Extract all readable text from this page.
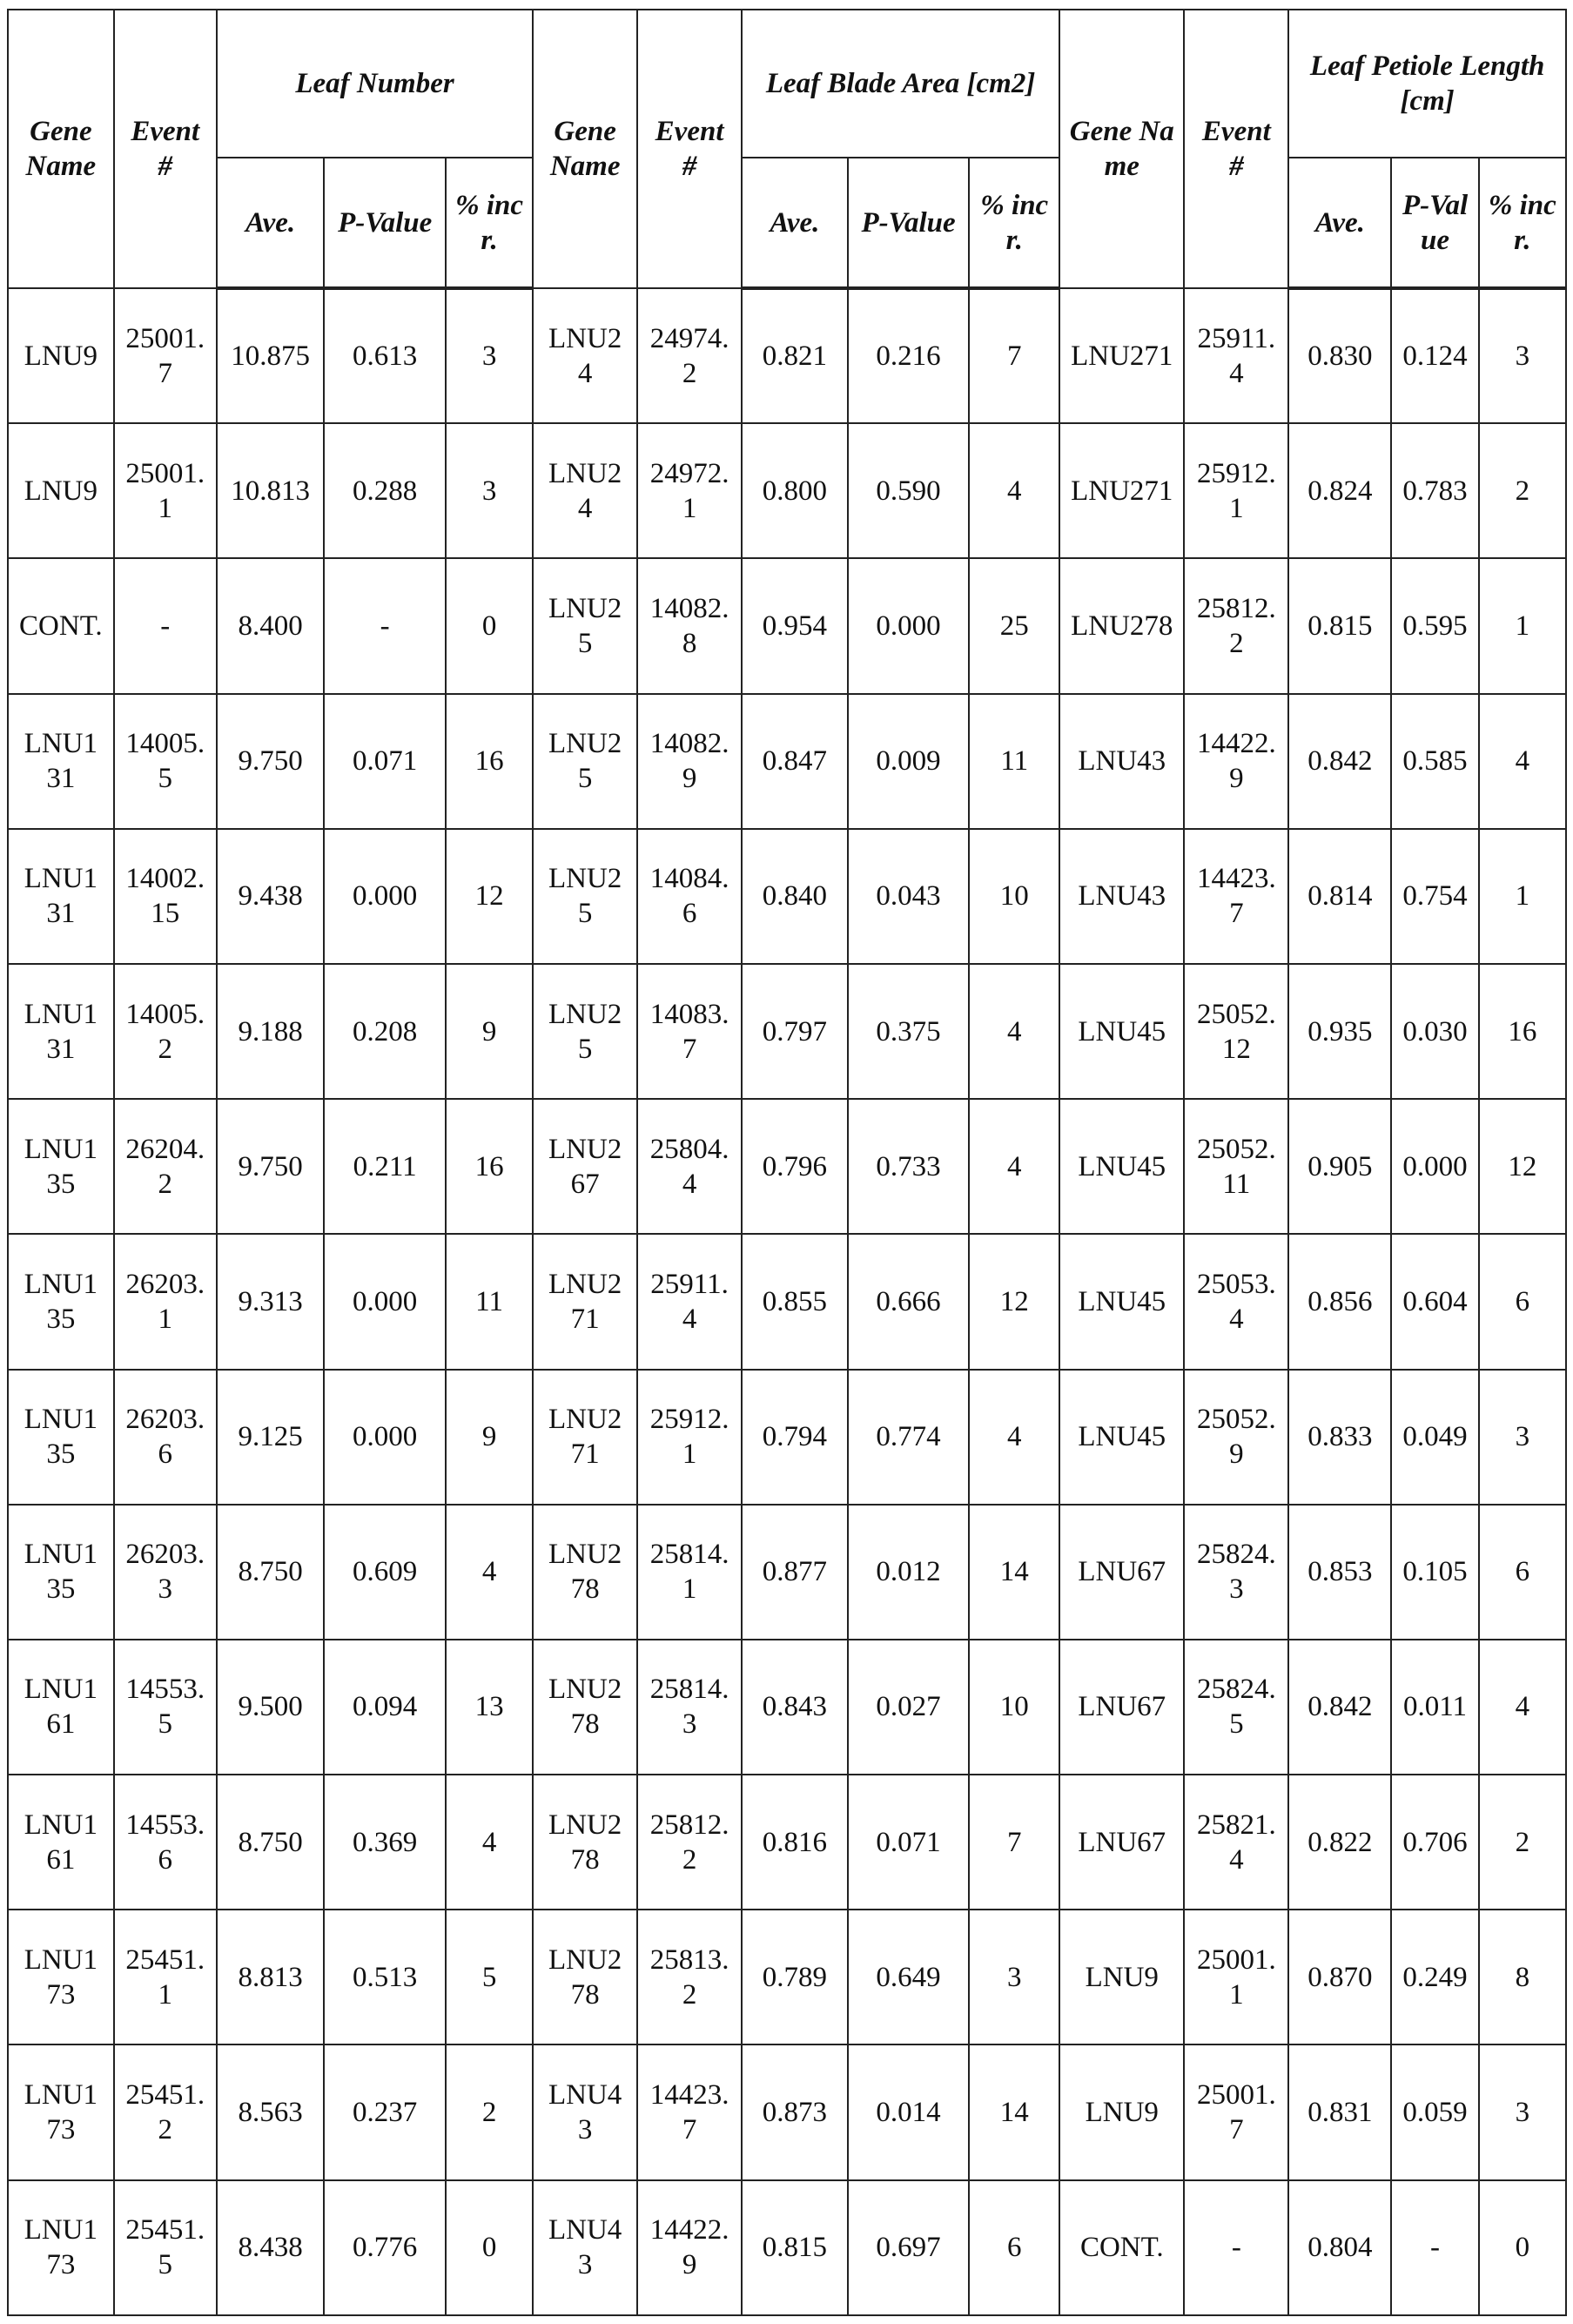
Gene Name	Event #	Leaf Number	Gene Name	Event #	Leaf Blade Area [cm2]	Gene Name	Event #	Leaf Petiole Length [cm]
Ave.	P-Value	% incr.	Ave.	P-Value	% incr.	Ave.	P-Value	% incr.
LNU9	25001.7	10.875	0.613	3	LNU24	24974.2	0.821	0.216	7	LNU271	25911.4	0.830	0.124	3
LNU9	25001.1	10.813	0.288	3	LNU24	24972.1	0.800	0.590	4	LNU271	25912.1	0.824	0.783	2
CONT.	-	8.400	-	0	LNU25	14082.8	0.954	0.000	25	LNU278	25812.2	0.815	0.595	1
LNU131	14005.5	9.750	0.071	16	LNU25	14082.9	0.847	0.009	11	LNU43	14422.9	0.842	0.585	4
LNU131	14002.15	9.438	0.000	12	LNU25	14084.6	0.840	0.043	10	LNU43	14423.7	0.814	0.754	1
LNU131	14005.2	9.188	0.208	9	LNU25	14083.7	0.797	0.375	4	LNU45	25052.12	0.935	0.030	16
LNU135	26204.2	9.750	0.211	16	LNU267	25804.4	0.796	0.733	4	LNU45	25052.11	0.905	0.000	12
LNU135	26203.1	9.313	0.000	11	LNU271	25911.4	0.855	0.666	12	LNU45	25053.4	0.856	0.604	6
LNU135	26203.6	9.125	0.000	9	LNU271	25912.1	0.794	0.774	4	LNU45	25052.9	0.833	0.049	3
LNU135	26203.3	8.750	0.609	4	LNU278	25814.1	0.877	0.012	14	LNU67	25824.3	0.853	0.105	6
LNU161	14553.5	9.500	0.094	13	LNU278	25814.3	0.843	0.027	10	LNU67	25824.5	0.842	0.011	4
LNU161	14553.6	8.750	0.369	4	LNU278	25812.2	0.816	0.071	7	LNU67	25821.4	0.822	0.706	2
LNU173	25451.1	8.813	0.513	5	LNU278	25813.2	0.789	0.649	3	LNU9	25001.1	0.870	0.249	8
LNU173	25451.2	8.563	0.237	2	LNU43	14423.7	0.873	0.014	14	LNU9	25001.7	0.831	0.059	3
LNU173	25451.5	8.438	0.776	0	LNU43	14422.9	0.815	0.697	6	CONT.	-	0.804	-	0
